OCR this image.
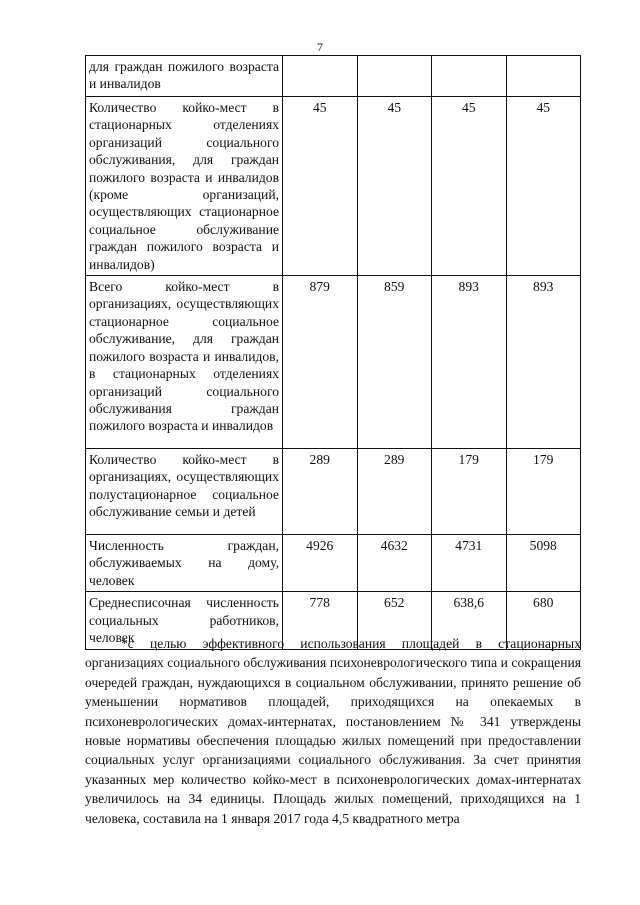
7
для граждан пожилого возраста и инвалидов				
Количество койко-мест в стационарных отделениях организаций социального обслуживания, для граждан пожилого возраста и инвалидов (кроме организаций, осуществляющих стационарное социальное обслуживание граждан пожилого возраста и инвалидов)	45	45	45	45
Всего койко-мест в организациях, осуществляющих стационарное социальное обслуживание, для граждан пожилого возраста и инвалидов, в стационарных отделениях организаций социального обслуживания граждан пожилого возраста и инвалидов	879	859	893	893
Количество койко-мест в организациях, осуществляющих полустационарное социальное обслуживание семьи и детей	289	289	179	179
Численность граждан, обслуживаемых на дому, человек	4926	4632	4731	5098
Среднесписочная численность социальных работников, человек	778	652	638,6	680

*с целью эффективного использования площадей в стационарных организациях социального обслуживания психоневрологического типа и сокращения очередей граждан, нуждающихся в социальном обслуживании, принято решение об уменьшении нормативов площадей, приходящихся на опекаемых в психоневрологических домах-интернатах, постановлением № 341 утверждены новые нормативы обеспечения площадью жилых помещений при предоставлении социальных услуг организациями социального обслуживания. За счет принятия указанных мер количество койко-мест в психоневрологических домах-интернатах увеличилось на 34 единицы. Площадь жилых помещений, приходящихся на 1 человека, составила на 1 января 2017 года 4,5 квадратного метра
